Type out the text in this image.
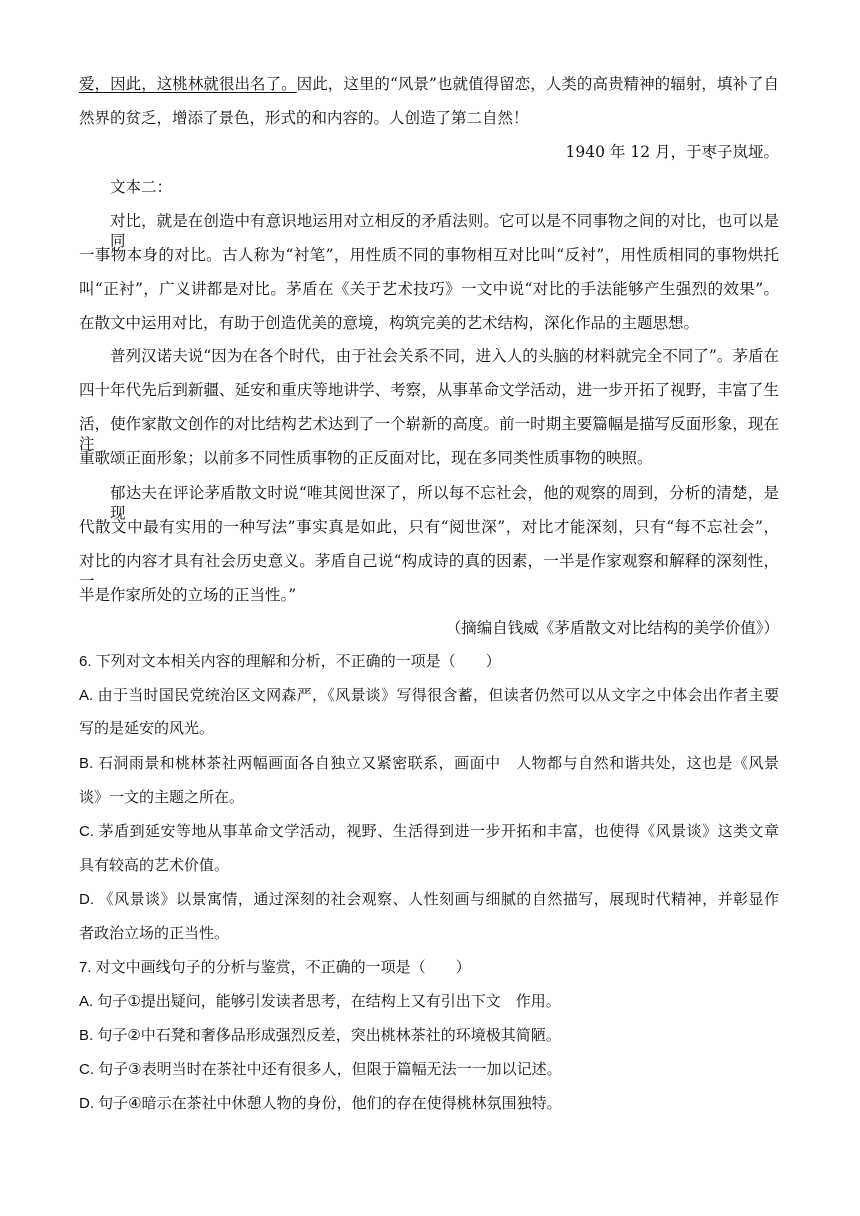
爱，因此，这桃林就很出名了。因此，这里的“风景”也就值得留恋，人类的高贵精神的辐射，填补了自

然界的贫乏，增添了景色，形式的和内容的。人创造了第二自然！

1940 年 12 月，于枣子岚垭。

文本二：

对比，就是在创造中有意识地运用对立相反的矛盾法则。它可以是不同事物之间的对比，也可以是同

一事物本身的对比。古人称为“衬笔”，用性质不同的事物相互对比叫“反衬”，用性质相同的事物烘托

叫“正衬”，广义讲都是对比。茅盾在《关于艺术技巧》一文中说“对比的手法能够产生强烈的效果”。

在散文中运用对比，有助于创造优美的意境，构筑完美的艺术结构，深化作品的主题思想。

普列汉诺夫说“因为在各个时代，由于社会关系不同，进入人的头脑的材料就完全不同了”。茅盾在

四十年代先后到新疆、延安和重庆等地讲学、考察，从事革命文学活动，进一步开拓了视野，丰富了生

活，使作家散文创作的对比结构艺术达到了一个崭新的高度。前一时期主要篇幅是描写反面形象，现在注

重歌颂正面形象；以前多不同性质事物的正反面对比，现在多同类性质事物的映照。

郁达夫在评论茅盾散文时说“唯其阅世深了，所以每不忘社会，他的观察的周到，分析的清楚，是现

代散文中最有实用的一种写法”事实真是如此，只有“阅世深”，对比才能深刻，只有“每不忘社会”，

对比的内容才具有社会历史意义。茅盾自己说“构成诗的真的因素，一半是作家观察和解释的深刻性，一

半是作家所处的立场的正当性。”

（摘编自钱威《茅盾散文对比结构的美学价值》）

6. 下列对文本相关内容的理解和分析，不正确的一项是（　　）

A. 由于当时国民党统治区文网森严，《风景谈》写得很含蓄，但读者仍然可以从文字之中体会出作者主要

写的是延安的风光。

B. 石洞雨景和桃林茶社两幅画面各自独立又紧密联系，画面中　人物都与自然和谐共处，这也是《风景

谈》一文的主题之所在。

C. 茅盾到延安等地从事革命文学活动，视野、生活得到进一步开拓和丰富，也使得《风景谈》这类文章

具有较高的艺术价值。

D. 《风景谈》以景寓情，通过深刻的社会观察、人性刻画与细腻的自然描写，展现时代精神，并彰显作

者政治立场的正当性。

7. 对文中画线句子的分析与鉴赏，不正确的一项是（　　）

A. 句子①提出疑问，能够引发读者思考，在结构上又有引出下文　作用。

B. 句子②中石凳和奢侈品形成强烈反差，突出桃林茶社的环境极其简陋。

C. 句子③表明当时在茶社中还有很多人，但限于篇幅无法一一加以记述。

D. 句子④暗示在茶社中休憩人物的身份，他们的存在使得桃林氛围独特。
